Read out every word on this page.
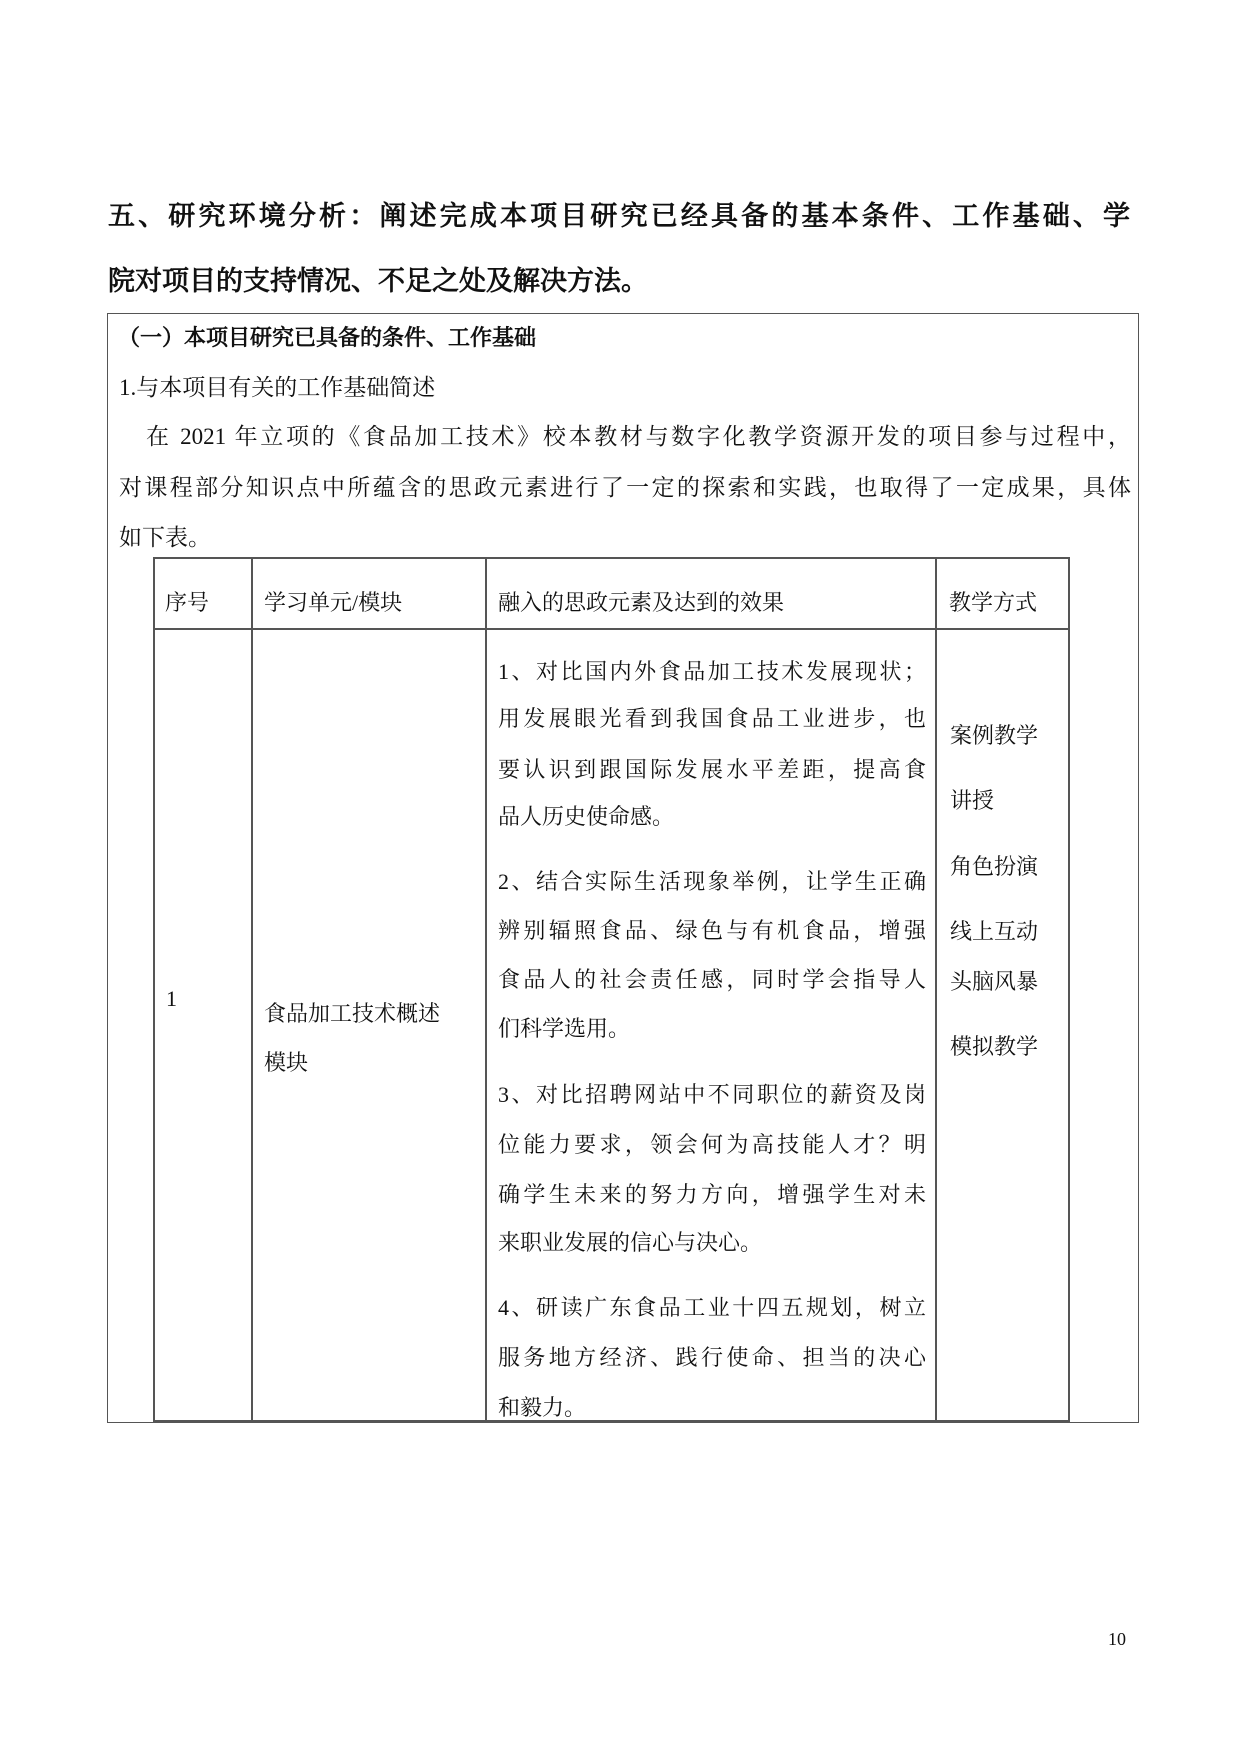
五、研究环境分析：阐述完成本项目研究已经具备的基本条件、工作基础、学
院对项目的支持情况、不足之处及解决方法。
（一）本项目研究已具备的条件、工作基础
1.与本项目有关的工作基础简述
在 2021 年立项的《食品加工技术》校本教材与数字化教学资源开发的项目参与过程中，
对课程部分知识点中所蕴含的思政元素进行了一定的探索和实践，也取得了一定成果，具体
如下表。
序号 学习单元/模块	融入的思政元素及达到的效果	教学方式
1
食品加工技术概述
模块
1、对比国内外食品加工技术发展现状；
用发展眼光看到我国食品工业进步，也
要认识到跟国际发展水平差距，提高食
品人历史使命感。
2、结合实际生活现象举例，让学生正确
辨别辐照食品、绿色与有机食品，增强
食品人的社会责任感，同时学会指导人
们科学选用。
3、对比招聘网站中不同职位的薪资及岗
位能力要求，领会何为高技能人才？明
确学生未来的努力方向，增强学生对未
来职业发展的信心与决心。
4、研读广东食品工业十四五规划，树立
服务地方经济、践行使命、担当的决心
和毅力。
案例教学
讲授
角色扮演
线上互动
头脑风暴
模拟教学
10
